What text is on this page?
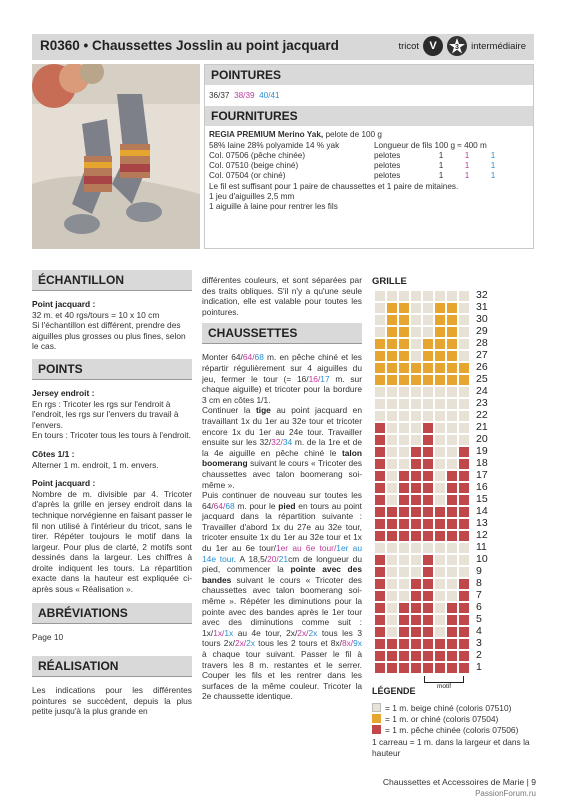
R0360 • Chaussettes Josslin au point jacquard	tricot V	3 intermédiaire
POINTURES
36/37 38/39 40/41
FOURNITURES
REGIA PREMIUM Merino Yak, pelote de 100 g
58% laine 28% polyamide 14 % yak	Longueur de fils 100 g ≈ 400 m
Col. 07506 (pêche chinée)	pelotes	1	1	1
Col. 07510 (beige chiné)	pelotes	1	1	1
Col. 07504 (or chiné)	pelotes	1	1	1
Le fil est suffisant pour 1 paire de chaussettes et 1 paire de mitaines.
1 jeu d'aiguilles 2,5 mm
1 aiguille à laine pour rentrer les fils
ÉCHANTILLON
Point jacquard :
32 m. et 40 rgs/tours = 10 x 10 cm
Si l'échantillon est différent, prendre des aiguilles plus grosses ou plus fines, selon le cas.
POINTS
Jersey endroit :
En rgs : Tricoter les rgs sur l'endroit à l'endroit, les rgs sur l'envers du travail à l'envers.
En tours : Tricoter tous les tours à l'endroit.
Côtes 1/1 :
Alterner 1 m. endroit, 1 m. envers.
Point jacquard :
Nombre de m. divisible par 4. Tricoter d'après la grille en jersey endroit dans la technique norvégienne en faisant passer le fil non utilisé à l'intérieur du tricot, sans le tirer. Répéter toujours le motif dans la largeur. Pour plus de clarté, 2 motifs sont dessinés dans la largeur. Les chiffres à droite indiquent les tours. La répartition exacte dans la hauteur est expliquée ci-après sous « Réalisation ».
ABRÉVIATIONS
Page 10
RÉALISATION
Les indications pour les différentes pointures se succèdent, depuis la plus petite jusqu'à la plus grande en
différentes couleurs, et sont séparées par des traits obliques. S'il n'y a qu'une seule indication, elle est valable pour toutes les pointures.
CHAUSSETTES
Monter 64/64/68 m. en pêche chiné et les répartir régulièrement sur 4 aiguilles du jeu, fermer le tour (= 16/16/17 m. sur chaque aiguille) et tricoter pour la bordure 3 cm en côtes 1/1.
Continuer la tige au point jacquard en travaillant 1x du 1er au 32e tour et tricoter encore 1x du 1er au 24e tour. Travailler ensuite sur les 32/32/34 m. de la 1re et de la 4e aiguille en pêche chiné le talon boomerang suivant le cours « Tricoter des chaussettes avec talon boomerang soi-même ».
Puis continuer de nouveau sur toutes les 64/64/68 m. pour le pied en tours au point jacquard dans la répartition suivante : Travailler d'abord 1x du 27e au 32e tour, tricoter ensuite 1x du 1er au 32e tour et 1x du 1er au 6e tour/1er au 6e tour/1er au 14e tour. A 18,5/20/21cm de longueur du pied, commencer la pointe avec des bandes suivant le cours « Tricoter des chaussettes avec talon boomerang soi-même ». Répéter les diminutions pour la pointe avec des bandes après le 1er tour avec des diminutions comme suit : 1x/1x/1x au 4e tour, 2x/2x/2x tous les 3 tours 2x/2x/2x tous les 2 tours et 8x/8x/9x à chaque tour suivant. Passer le fil à travers les 8 m. restantes et le serrer. Couper les fils et les rentrer dans les surfaces de la même couleur. Tricoter la 2e chaussette identique.
GRILLE
32
31
30
29
28
27
26
25
24
23
22
21
20
19
18
17
16
15
14
13
12
11
10
9
8
7
6
5
4
3
2
1
motif
LÉGENDE
= 1 m. beige chiné (coloris 07510)
= 1 m. or chiné (coloris 07504)
= 1 m. pêche chinée (coloris 07506)
1 carreau = 1 m. dans la largeur et dans la hauteur
Chaussettes et Accessoires de Marie | 9
PassionForum.ru
